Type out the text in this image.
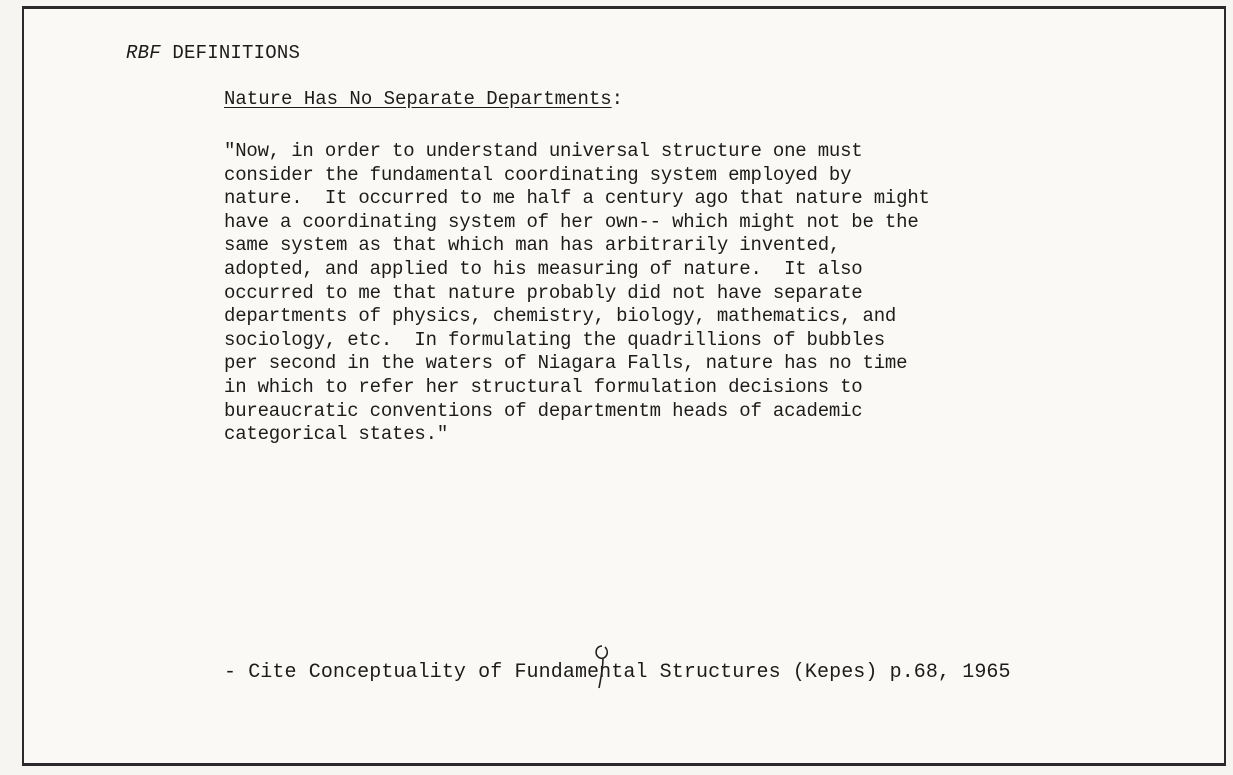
RBF DEFINITIONS
Nature Has No Separate Departments:
"Now, in order to understand universal structure one must
consider the fundamental coordinating system employed by
nature.  It occurred to me half a century ago that nature might
have a coordinating system of her own-- which might not be the
same system as that which man has arbitrarily invented,
adopted, and applied to his measuring of nature.  It also
occurred to me that nature probably did not have separate
departments of physics, chemistry, biology, mathematics, and
sociology, etc.  In formulating the quadrillions of bubbles
per second in the waters of Niagara Falls, nature has no time
in which to refer her structural formulation decisions to
bureaucratic conventions of departmentm heads of academic
categorical states."
- Cite Conceptuality of Fundamental Structures (Kepes) p.68, 1965
